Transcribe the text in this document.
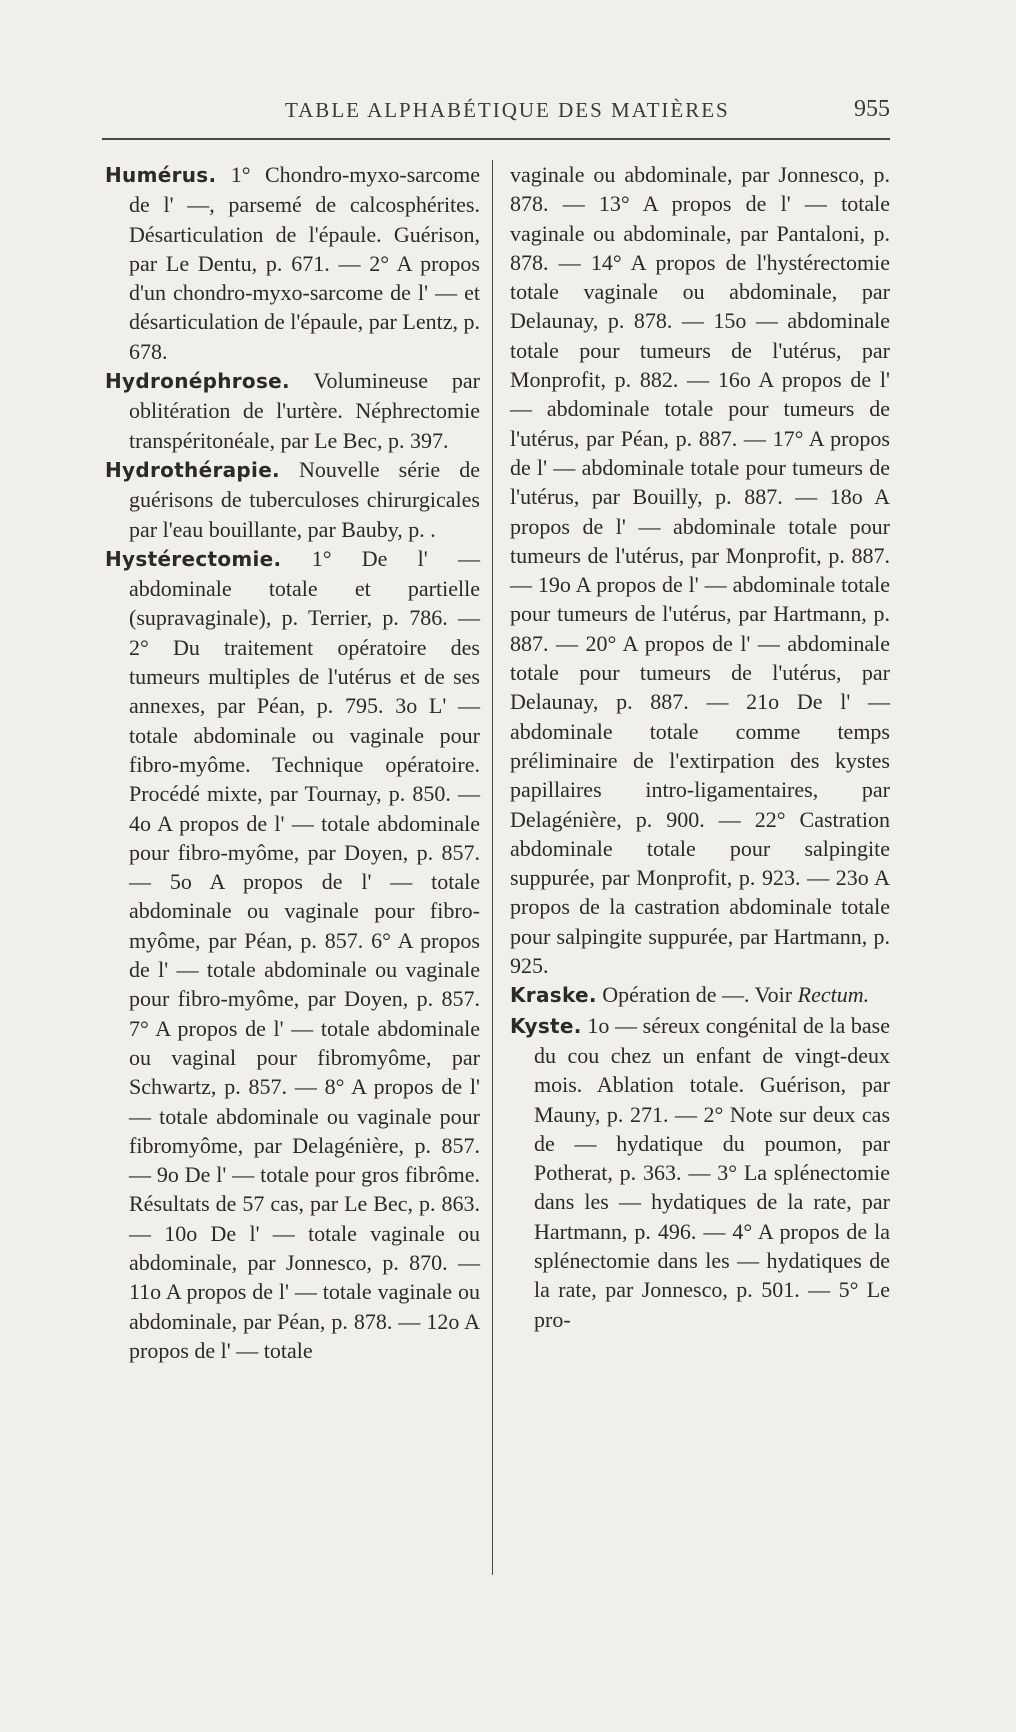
TABLE ALPHABÉTIQUE DES MATIÈRES	955

Humérus. 1° Chondro-myxo-sarcome de l' —, parsemé de calcosphérites. Désarticulation de l'épaule. Guérison, par Le Dentu, p. 671. — 2° A propos d'un chondro-myxo-sarcome de l' — et désarticulation de l'épaule, par Lentz, p. 678.

Hydronéphrose. Volumineuse par oblitération de l'urtère. Néphrectomie transpéritonéale, par Le Bec, p. 397.

Hydrothérapie. Nouvelle série de guérisons de tuberculoses chirurgicales par l'eau bouillante, par Bauby, p. .

Hystérectomie. 1° De l' — abdominale totale et partielle (supravaginale), p. Terrier, p. 786. — 2° Du traitement opératoire des tumeurs multiples de l'utérus et de ses annexes, par Péan, p. 795. 3o L' — totale abdominale ou vaginale pour fibro-myôme. Technique opératoire. Procédé mixte, par Tournay, p. 850. — 4o A propos de l' — totale abdominale pour fibro-myôme, par Doyen, p. 857. — 5o A propos de l' — totale abdominale ou vaginale pour fibro-myôme, par Péan, p. 857. 6° A propos de l' — totale abdominale ou vaginale pour fibro-myôme, par Doyen, p. 857. 7° A propos de l' — totale abdominale ou vaginal pour fibromyôme, par Schwartz, p. 857. — 8° A propos de l' — totale abdominale ou vaginale pour fibromyôme, par Delagénière, p. 857. — 9o De l' — totale pour gros fibrôme. Résultats de 57 cas, par Le Bec, p. 863. — 10o De l' — totale vaginale ou abdominale, par Jonnesco, p. 870. — 11o A propos de l' — totale vaginale ou abdominale, par Péan, p. 878. — 12o A propos de l' — totale

vaginale ou abdominale, par Jonnesco, p. 878. — 13° A propos de l' — totale vaginale ou abdominale, par Pantaloni, p. 878. — 14° A propos de l'hystérectomie totale vaginale ou abdominale, par Delaunay, p. 878. — 15o — abdominale totale pour tumeurs de l'utérus, par Monprofit, p. 882. — 16o A propos de l' — abdominale totale pour tumeurs de l'utérus, par Péan, p. 887. — 17° A propos de l' — abdominale totale pour tumeurs de l'utérus, par Bouilly, p. 887. — 18o A propos de l' — abdominale totale pour tumeurs de l'utérus, par Monprofit, p. 887. — 19o A propos de l' — abdominale totale pour tumeurs de l'utérus, par Hartmann, p. 887. — 20° A propos de l' — abdominale totale pour tumeurs de l'utérus, par Delaunay, p. 887. — 21o De l' — abdominale totale comme temps préliminaire de l'extirpation des kystes papillaires intro-ligamentaires, par Delagénière, p. 900. — 22° Castration abdominale totale pour salpingite suppurée, par Monprofit, p. 923. — 23o A propos de la castration abdominale totale pour salpingite suppurée, par Hartmann, p. 925.

Kraske. Opération de —. Voir Rectum.

Kyste. 1o — séreux congénital de la base du cou chez un enfant de vingt-deux mois. Ablation totale. Guérison, par Mauny, p. 271. — 2° Note sur deux cas de — hydatique du poumon, par Potherat, p. 363. — 3° La splénectomie dans les — hydatiques de la rate, par Hartmann, p. 496. — 4° A propos de la splénectomie dans les — hydatiques de la rate, par Jonnesco, p. 501. — 5° Le pro-
